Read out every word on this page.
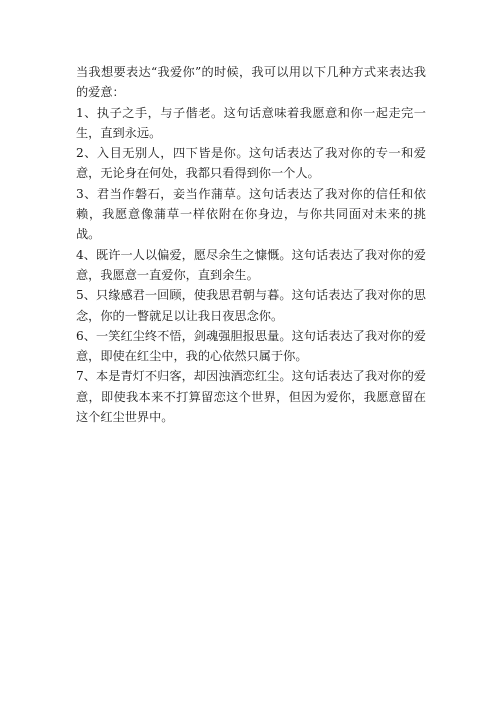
当我想要表达“我爱你”的时候，我可以用以下几种方式来表达我的爱意：

1、执子之手，与子偕老。这句话意味着我愿意和你一起走完一生，直到永远。

2、入目无别人，四下皆是你。这句话表达了我对你的专一和爱意，无论身在何处，我都只看得到你一个人。

3、君当作磐石，妾当作蒲草。这句话表达了我对你的信任和依赖，我愿意像蒲草一样依附在你身边，与你共同面对未来的挑战。

4、既许一人以偏爱，愿尽余生之慷慨。这句话表达了我对你的爱意，我愿意一直爱你，直到余生。

5、只缘感君一回顾，使我思君朝与暮。这句话表达了我对你的思念，你的一瞥就足以让我日夜思念你。

6、一笑红尘终不悟，剑魂强胆报思量。这句话表达了我对你的爱意，即使在红尘中，我的心依然只属于你。

7、本是青灯不归客，却因浊酒恋红尘。这句话表达了我对你的爱意，即使我本来不打算留恋这个世界，但因为爱你，我愿意留在这个红尘世界中。
